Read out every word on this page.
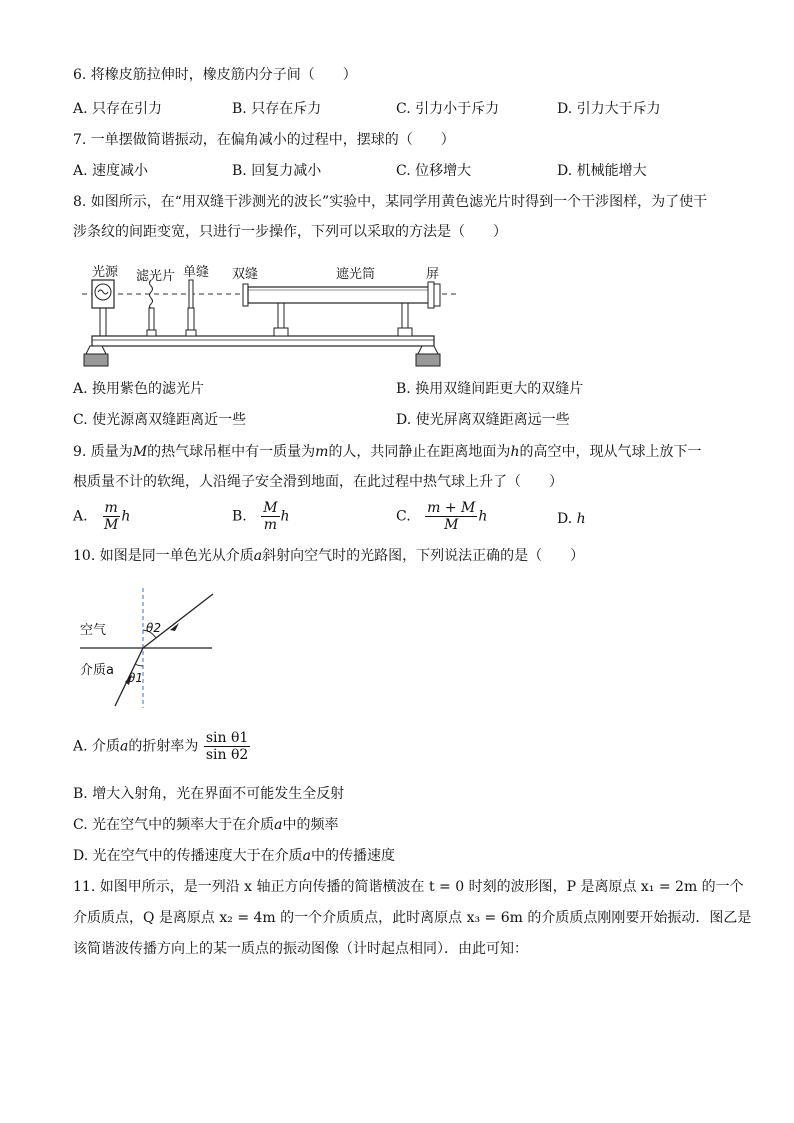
6. 将橡皮筋拉伸时，橡皮筋内分子间（　　）
A. 只存在引力	B. 只存在斥力	C. 引力小于斥力	D. 引力大于斥力
7. 一单摆做简谐振动，在偏角减小的过程中，摆球的（　　）
A. 速度减小	B. 回复力减小	C. 位移增大	D. 机械能增大
8. 如图所示，在“用双缝干涉测光的波长”实验中，某同学用黄色滤光片时得到一个干涉图样，为了使干
涉条纹的间距变宽，只进行一步操作，下列可以采取的方法是（　　）
光源 滤光片 单缝 双缝	遮光筒	屏
A. 换用紫色的滤光片	B. 换用双缝间距更大的双缝片
C. 使光源离双缝距离近一些	D. 使光屏离双缝距离远一些
9. 质量为M的热气球吊框中有一质量为m的人，共同静止在距离地面为h的高空中，现从气球上放下一
根质量不计的软绳，人沿绳子安全滑到地面，在此过程中热气球上升了（　　）
A. $\frac{m}{M}$ h	B. $\frac{M}{m}$ h	C. $\frac{m + M}{M}$ h	D. h
10. 如图是同一单色光从介质a斜射向空气时的光路图，下列说法正确的是（　　）
空气
介质a
θ2
θ1
A. 介质a的折射率为 $\frac{\text{sin θ1}}{\text{sin θ2}}$
B. 增大入射角，光在界面不可能发生全反射
C. 光在空气中的频率大于在介质a中的频率
D. 光在空气中的传播速度大于在介质a中的传播速度
11. 如图甲所示，是一列沿 x 轴正方向传播的简谐横波在 t = 0 时刻的波形图，P 是离原点 x₁ = 2m 的一个
介质质点，Q 是离原点 x₂ = 4m 的一个介质质点，此时离原点 x₃ = 6m 的介质质点刚刚要开始振动．图乙是
该简谐波传播方向上的某一质点的振动图像（计时起点相同）．由此可知：
